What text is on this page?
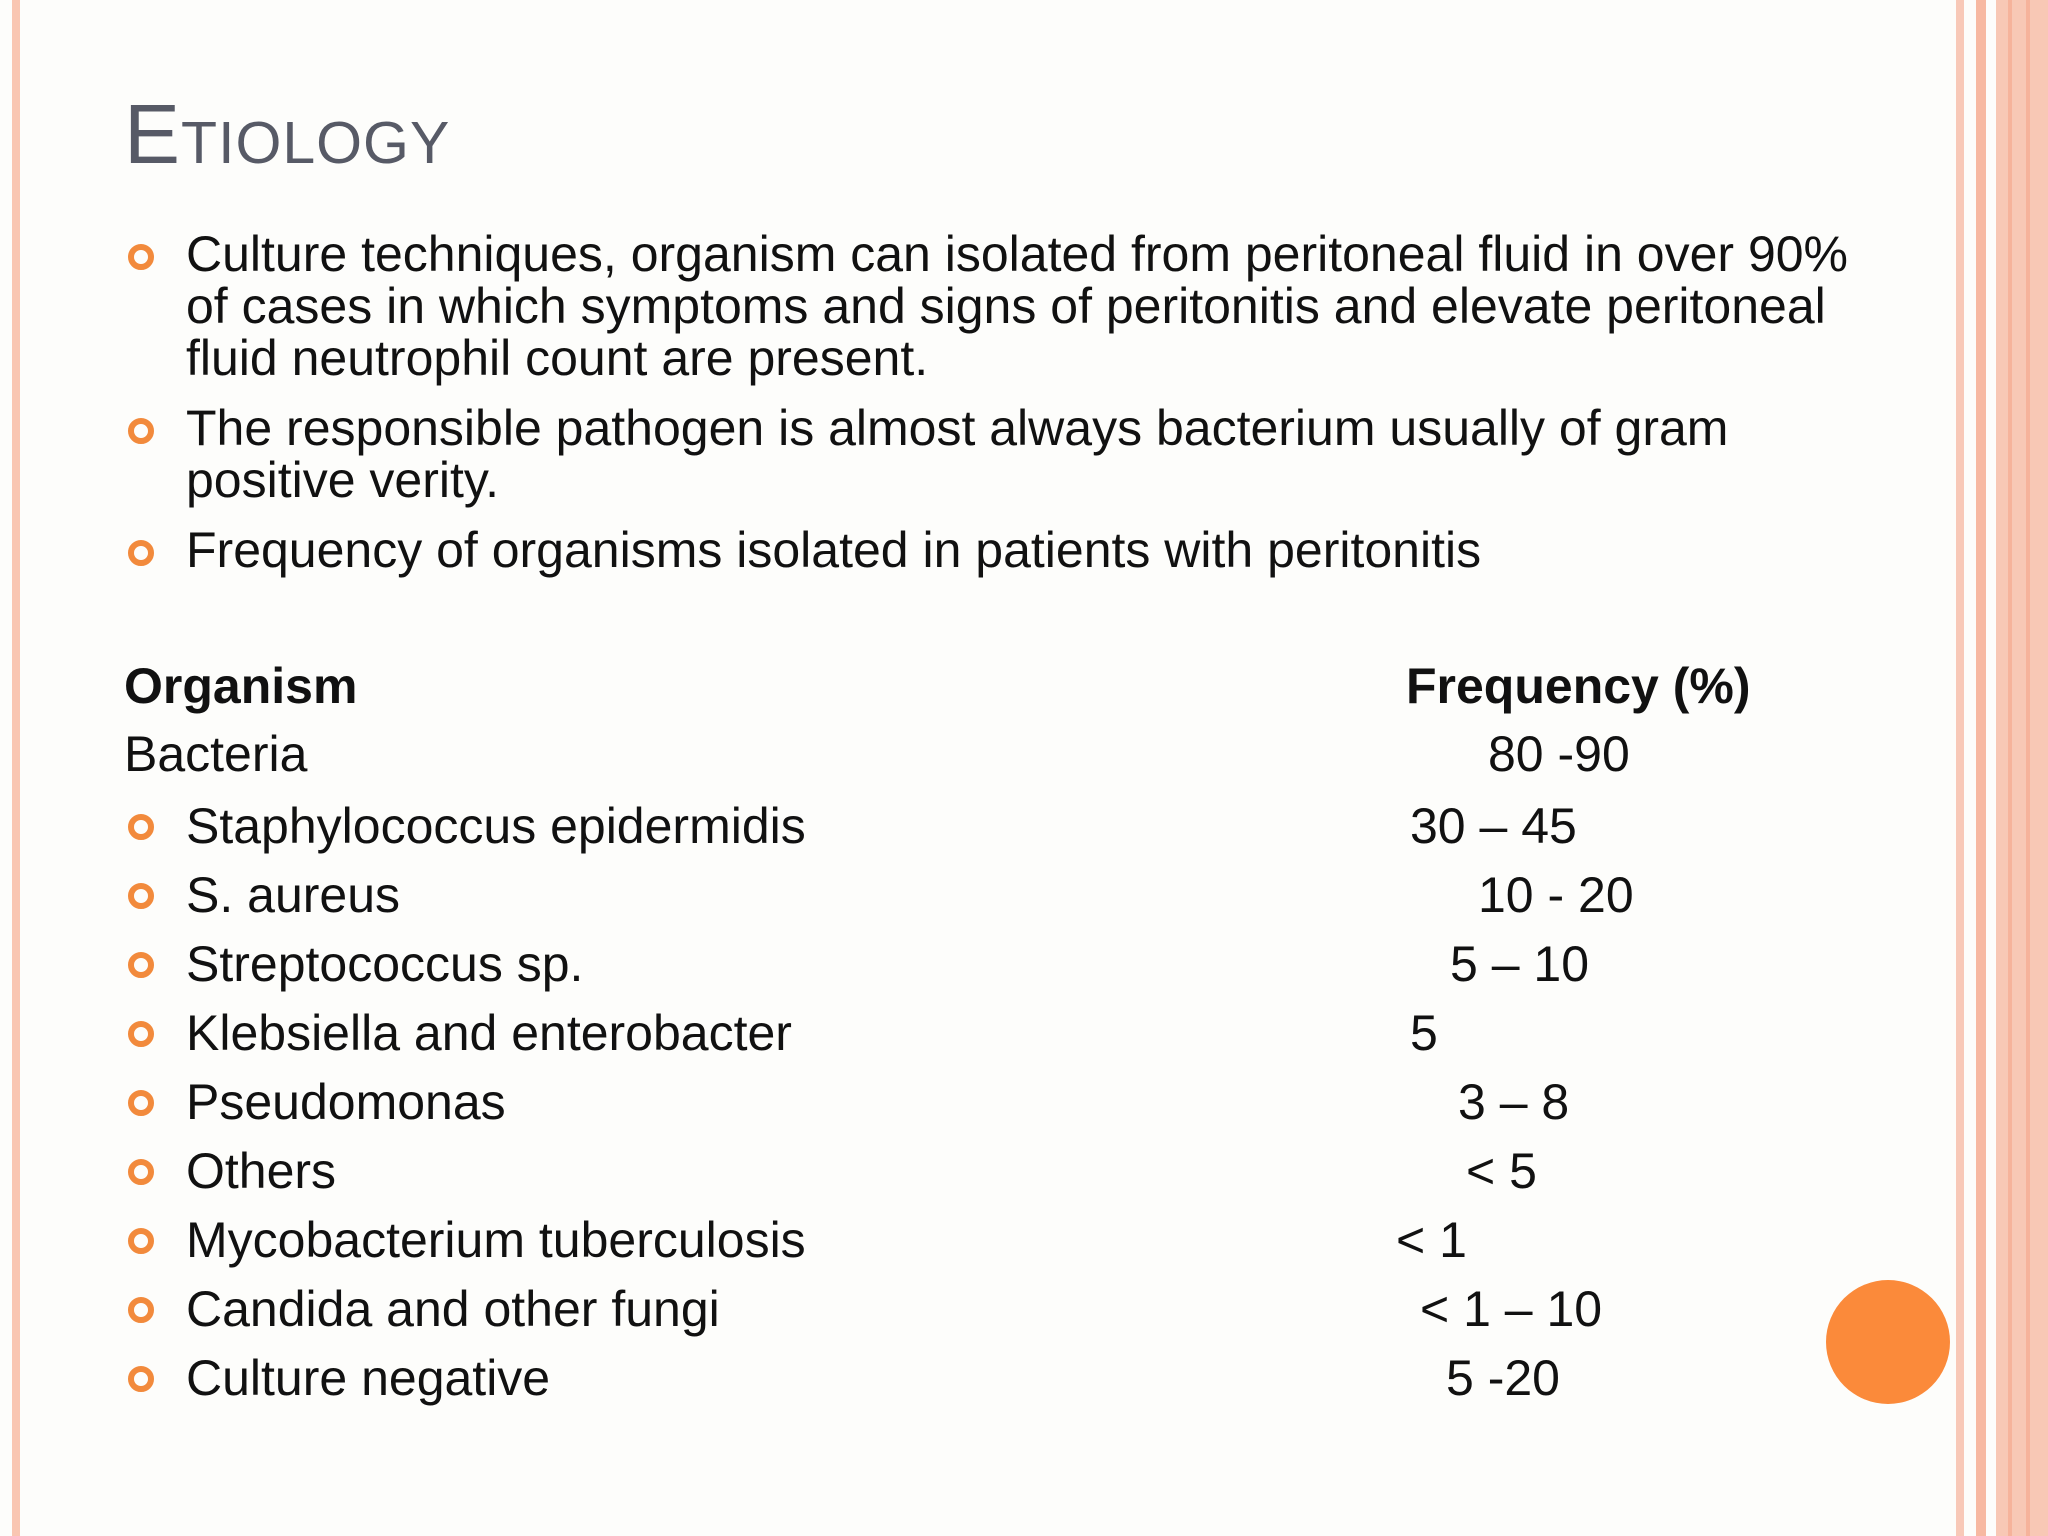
Etiology
Culture techniques, organism can isolated from peritoneal fluid in over 90% of cases in which symptoms and signs of peritonitis and elevate peritoneal fluid neutrophil count are present.
The responsible pathogen is almost always bacterium usually of gram positive verity.
Frequency of organisms isolated in patients with peritonitis
Organism	Frequency (%)
Bacteria	80 -90
Staphylococcus epidermidis	30 – 45
S. aureus	10 - 20
Streptococcus sp.	5 – 10
Klebsiella and enterobacter	5
Pseudomonas	3 – 8
Others	< 5
Mycobacterium tuberculosis	< 1
Candida and other fungi	< 1 – 10
Culture negative	5 -20
